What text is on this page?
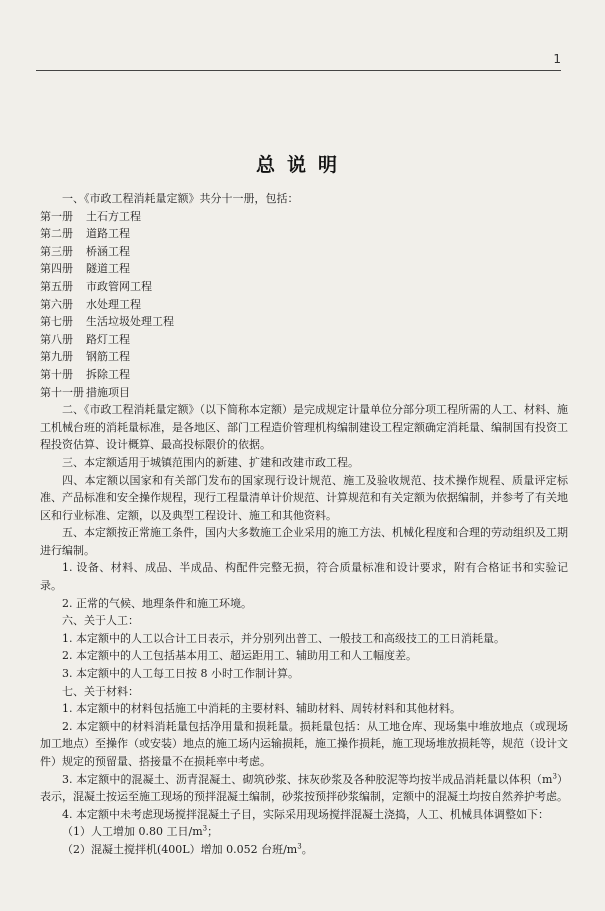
1
总说明

一、《市政工程消耗量定额》共分十一册，包括：

第一册 土石方工程

第二册 道路工程

第三册 桥涵工程

第四册 隧道工程

第五册 市政管网工程

第六册 水处理工程

第七册 生活垃圾处理工程

第八册 路灯工程

第九册 钢筋工程

第十册 拆除工程

第十一册 措施项目

二、《市政工程消耗量定额》（以下简称本定额）是完成规定计量单位分部分项工程所需的人工、材料、施工机械台班的消耗量标准，是各地区、部门工程造价管理机构编制建设工程定额确定消耗量、编制国有投资工程投资估算、设计概算、最高投标限价的依据。

三、本定额适用于城镇范围内的新建、扩建和改建市政工程。

四、本定额以国家和有关部门发布的国家现行设计规范、施工及验收规范、技术操作规程、质量评定标准、产品标准和安全操作规程，现行工程量清单计价规范、计算规范和有关定额为依据编制，并参考了有关地区和行业标准、定额，以及典型工程设计、施工和其他资料。

五、本定额按正常施工条件，国内大多数施工企业采用的施工方法、机械化程度和合理的劳动组织及工期进行编制。

1. 设备、材料、成品、半成品、构配件完整无损，符合质量标准和设计要求，附有合格证书和实验记录。

2. 正常的气候、地理条件和施工环境。

六、关于人工：

1. 本定额中的人工以合计工日表示，并分别列出普工、一般技工和高级技工的工日消耗量。

2. 本定额中的人工包括基本用工、超运距用工、辅助用工和人工幅度差。

3. 本定额中的人工每工日按 8 小时工作制计算。

七、关于材料：

1. 本定额中的材料包括施工中消耗的主要材料、辅助材料、周转材料和其他材料。

2. 本定额中的材料消耗量包括净用量和损耗量。损耗量包括：从工地仓库、现场集中堆放地点（或现场加工地点）至操作（或安装）地点的施工场内运输损耗，施工操作损耗，施工现场堆放损耗等，规范（设计文件）规定的预留量、搭接量不在损耗率中考虑。

3. 本定额中的混凝土、沥青混凝土、砌筑砂浆、抹灰砂浆及各种胶泥等均按半成品消耗量以体积$(m^3)$表示，混凝土按运至施工现场的预拌混凝土编制，砂浆按预拌砂浆编制，定额中的混凝土均按自然养护考虑。

4. 本定额中未考虑现场搅拌混凝土子目，实际采用现场搅拌混凝土浇捣，人工、机械具体调整如下：

（1）人工增加 0.80 工日$/m^3$；

（2）混凝土搅拌机(400L）增加 0.052 台班$/m^3$。
